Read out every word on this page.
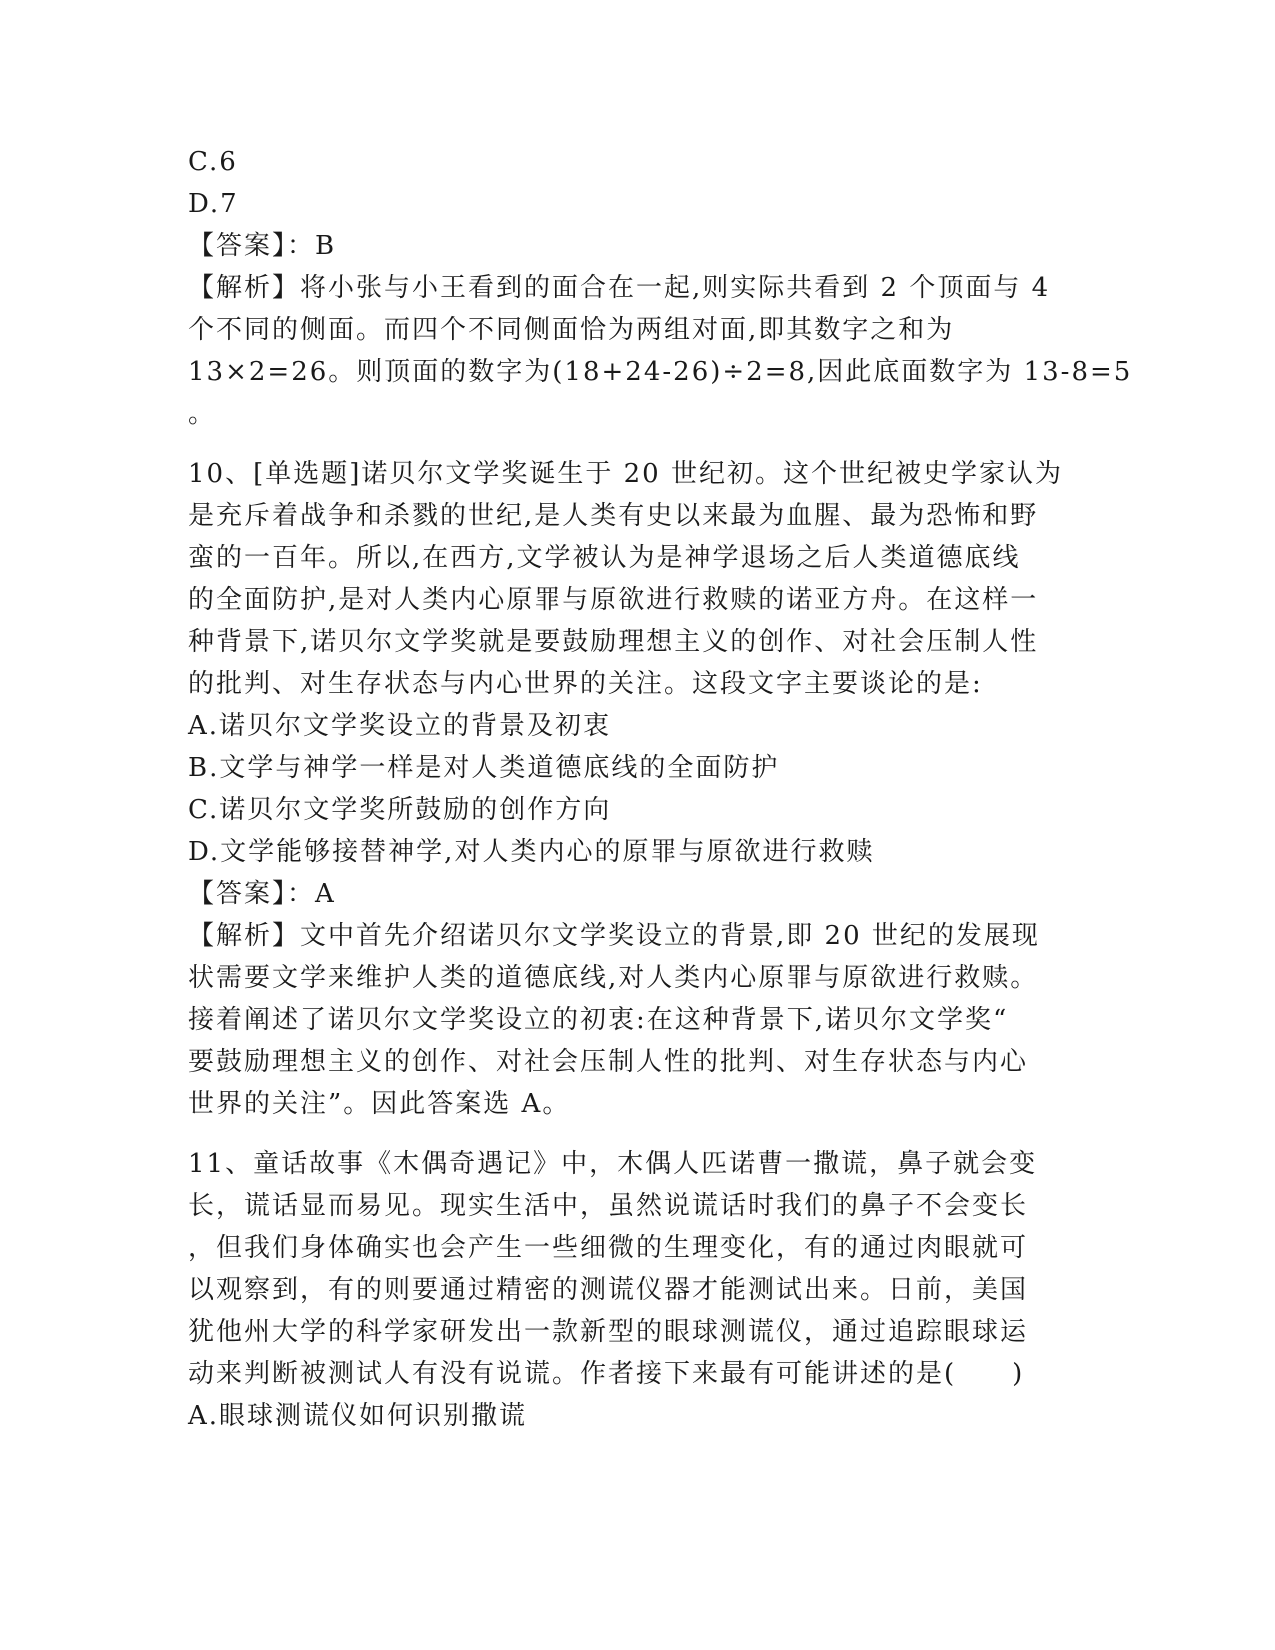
C.6
D.7
【答案】：B
【解析】将小张与小王看到的面合在一起,则实际共看到 2 个顶面与 4
个不同的侧面。而四个不同侧面恰为两组对面,即其数字之和为
13×2=26。则顶面的数字为(18+24-26)÷2=8,因此底面数字为 13-8=5
。
10、[单选题]诺贝尔文学奖诞生于 20 世纪初。这个世纪被史学家认为
是充斥着战争和杀戮的世纪,是人类有史以来最为血腥、最为恐怖和野
蛮的一百年。所以,在西方,文学被认为是神学退场之后人类道德底线
的全面防护,是对人类内心原罪与原欲进行救赎的诺亚方舟。在这样一
种背景下,诺贝尔文学奖就是要鼓励理想主义的创作、对社会压制人性
的批判、对生存状态与内心世界的关注。这段文字主要谈论的是:
A.诺贝尔文学奖设立的背景及初衷
B.文学与神学一样是对人类道德底线的全面防护
C.诺贝尔文学奖所鼓励的创作方向
D.文学能够接替神学,对人类内心的原罪与原欲进行救赎
【答案】：A
【解析】文中首先介绍诺贝尔文学奖设立的背景,即 20 世纪的发展现
状需要文学来维护人类的道德底线,对人类内心原罪与原欲进行救赎。
接着阐述了诺贝尔文学奖设立的初衷:在这种背景下,诺贝尔文学奖“
要鼓励理想主义的创作、对社会压制人性的批判、对生存状态与内心
世界的关注”。因此答案选 A。
11、童话故事《木偶奇遇记》中，木偶人匹诺曹一撒谎，鼻子就会变
长，谎话显而易见。现实生活中，虽然说谎话时我们的鼻子不会变长
，但我们身体确实也会产生一些细微的生理变化，有的通过肉眼就可
以观察到，有的则要通过精密的测谎仪器才能测试出来。日前，美国
犹他州大学的科学家研发出一款新型的眼球测谎仪，通过追踪眼球运
动来判断被测试人有没有说谎。作者接下来最有可能讲述的是(　　)
A.眼球测谎仪如何识别撒谎
